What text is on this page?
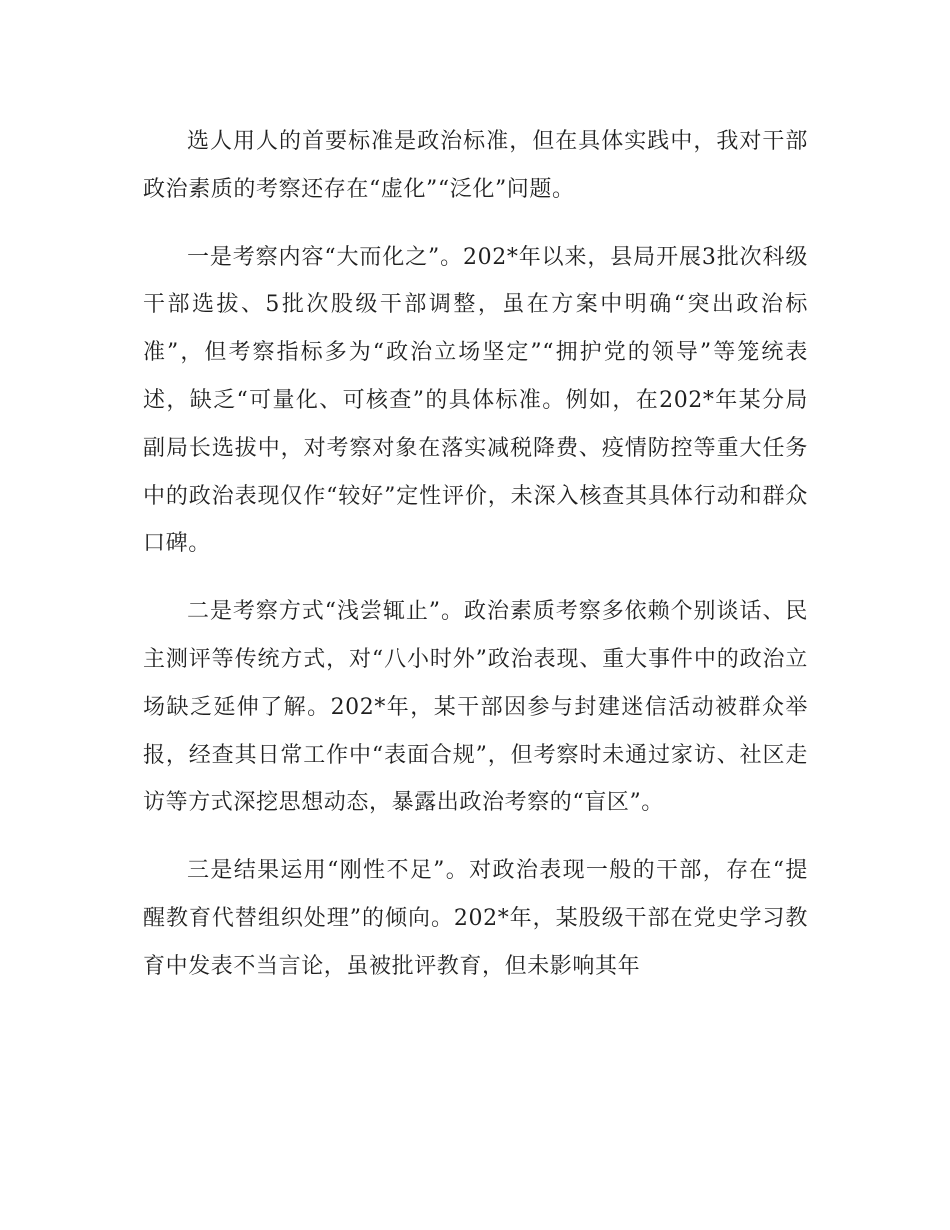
选人用人的首要标准是政治标准，但在具体实践中，我对干部政治素质的考察还存在“虚化”“泛化”问题。

一是考察内容“大而化之”。202*年以来，县局开展3批次科级干部选拔、5批次股级干部调整，虽在方案中明确“突出政治标准”，但考察指标多为“政治立场坚定”“拥护党的领导”等笼统表述，缺乏“可量化、可核查”的具体标准。例如，在202*年某分局副局长选拔中，对考察对象在落实减税降费、疫情防控等重大任务中的政治表现仅作“较好”定性评价，未深入核查其具体行动和群众口碑。

二是考察方式“浅尝辄止”。政治素质考察多依赖个别谈话、民主测评等传统方式，对“八小时外”政治表现、重大事件中的政治立场缺乏延伸了解。202*年，某干部因参与封建迷信活动被群众举报，经查其日常工作中“表面合规”，但考察时未通过家访、社区走访等方式深挖思想动态，暴露出政治考察的“盲区”。

三是结果运用“刚性不足”。对政治表现一般的干部，存在“提醒教育代替组织处理”的倾向。202*年，某股级干部在党史学习教育中发表不当言论，虽被批评教育，但未影响其年
